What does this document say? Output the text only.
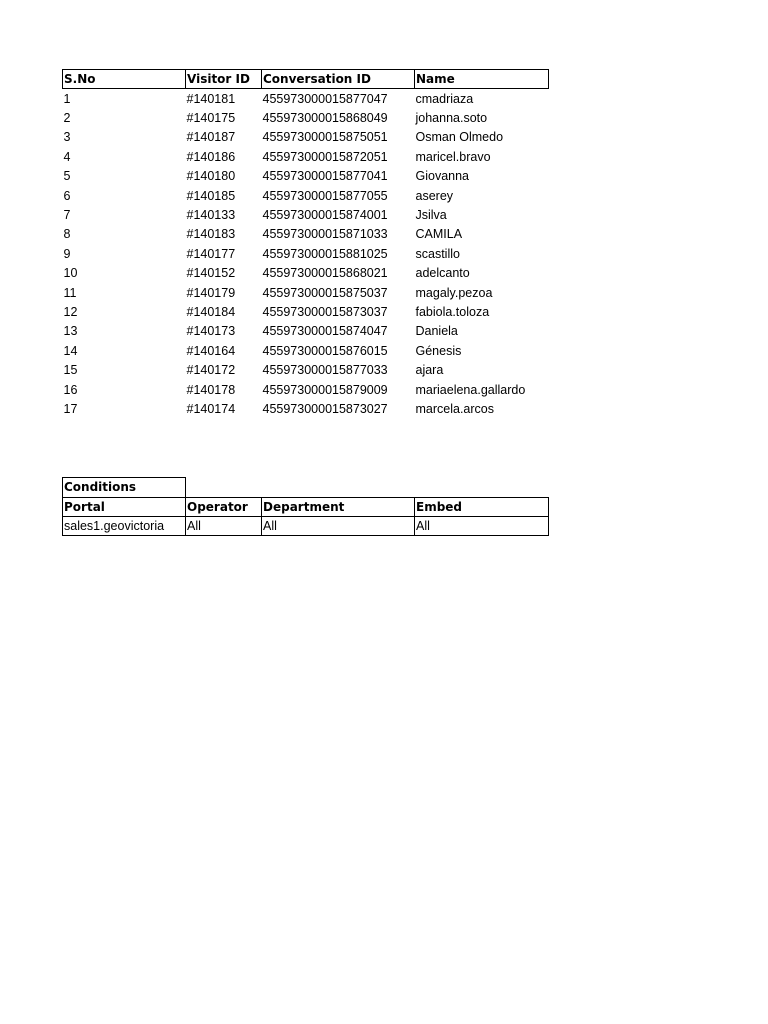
S.No	Visitor ID	Conversation ID	Name
1	#140181	455973000015877047	cmadriaza
2	#140175	455973000015868049	johanna.soto
3	#140187	455973000015875051	Osman Olmedo
4	#140186	455973000015872051	maricel.bravo
5	#140180	455973000015877041	Giovanna
6	#140185	455973000015877055	aserey
7	#140133	455973000015874001	Jsilva
8	#140183	455973000015871033	CAMILA
9	#140177	455973000015881025	scastillo
10	#140152	455973000015868021	adelcanto
11	#140179	455973000015875037	magaly.pezoa
12	#140184	455973000015873037	fabiola.toloza
13	#140173	455973000015874047	Daniela
14	#140164	455973000015876015	Génesis
15	#140172	455973000015877033	ajara
16	#140178	455973000015879009	mariaelena.gallardo
17	#140174	455973000015873027	marcela.arcos
Conditions			
Portal	Operator	Department	Embed
sales1.geovictoria	All	All	All
